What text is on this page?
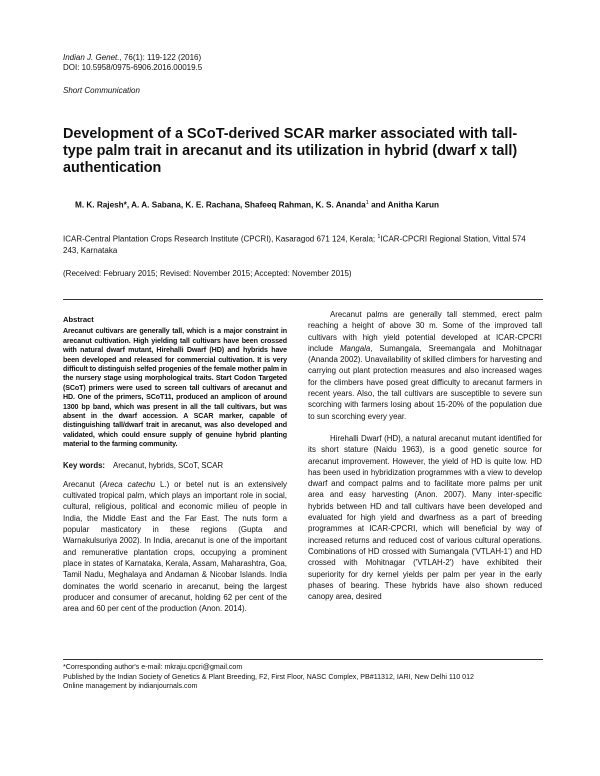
Indian J. Genet., 76(1): 119-122 (2016)
DOI: 10.5958/0975-6906.2016.00019.5
Short Communication
Development of a SCoT-derived SCAR marker associated with tall-type palm trait in arecanut and its utilization in hybrid (dwarf x tall) authentication
M. K. Rajesh*, A. A. Sabana, K. E. Rachana, Shafeeq Rahman, K. S. Ananda$^1$ and Anitha Karun
ICAR-Central Plantation Crops Research Institute (CPCRI), Kasaragod 671 124, Kerala; $^1$ICAR-CPCRI Regional Station, Vittal 574 243, Karnataka
(Received: February 2015; Revised: November 2015; Accepted: November 2015)
Abstract
Arecanut cultivars are generally tall, which is a major constraint in arecanut cultivation. High yielding tall cultivars have been crossed with natural dwarf mutant, Hirehalli Dwarf (HD) and hybrids have been developed and released for commercial cultivation. It is very difficult to distinguish selfed progenies of the female mother palm in the nursery stage using morphological traits. Start Codon Targeted (SCoT) primers were used to screen tall cultivars of arecanut and HD. One of the primers, SCoT11, produced an amplicon of around 1300 bp band, which was present in all the tall cultivars, but was absent in the dwarf accession. A SCAR marker, capable of distinguishing tall/dwarf trait in arecanut, was also developed and validated, which could ensure supply of genuine hybrid planting material to the farming community.
Key words: Arecanut, hybrids, SCoT, SCAR

Arecanut (Areca catechu L.) or betel nut is an extensively cultivated tropical palm, which plays an important role in social, cultural, religious, political and economic milieu of people in India, the Middle East and the Far East. The nuts form a popular masticatory in these regions (Gupta and Warnakulsuriya 2002). In India, arecanut is one of the important and remunerative plantation crops, occupying a prominent place in states of Karnataka, Kerala, Assam, Maharashtra, Goa, Tamil Nadu, Meghalaya and Andaman & Nicobar Islands. India dominates the world scenario in arecanut, being the largest producer and consumer of arecanut, holding 62 per cent of the area and 60 per cent of the production (Anon. 2014).

Arecanut palms are generally tall stemmed, erect palm reaching a height of above 30 m. Some of the improved tall cultivars with high yield potential developed at ICAR-CPCRI include Mangala, Sumangala, Sreemangala and Mohitnagar (Ananda 2002). Unavailability of skilled climbers for harvesting and carrying out plant protection measures and also increased wages for the climbers have posed great difficulty to arecanut farmers in recent years. Also, the tall cultivars are susceptible to severe sun scorching with farmers losing about 15-20% of the population due to sun scorching every year.

Hirehalli Dwarf (HD), a natural arecanut mutant identified for its short stature (Naidu 1963), is a good genetic source for arecanut improvement. However, the yield of HD is quite low. HD has been used in hybridization programmes with a view to develop dwarf and compact palms and to facilitate more palms per unit area and easy harvesting (Anon. 2007). Many inter-specific hybrids between HD and tall cultivars have been developed and evaluated for high yield and dwarfness as a part of breeding programmes at ICAR-CPCRI, which will beneficial by way of increased returns and reduced cost of various cultural operations. Combinations of HD crossed with Sumangala ('VTLAH-1') and HD crossed with Mohitnagar ('VTLAH-2') have exhibited their superiority for dry kernel yields per palm per year in the early phases of bearing. These hybrids have also shown reduced canopy area, desired

*Corresponding author's e-mail: mkraju.cpcri@gmail.com
Published by the Indian Society of Genetics & Plant Breeding, F2, First Floor, NASC Complex, PB#11312, IARI, New Delhi 110 012
Online management by indianjournals.com
